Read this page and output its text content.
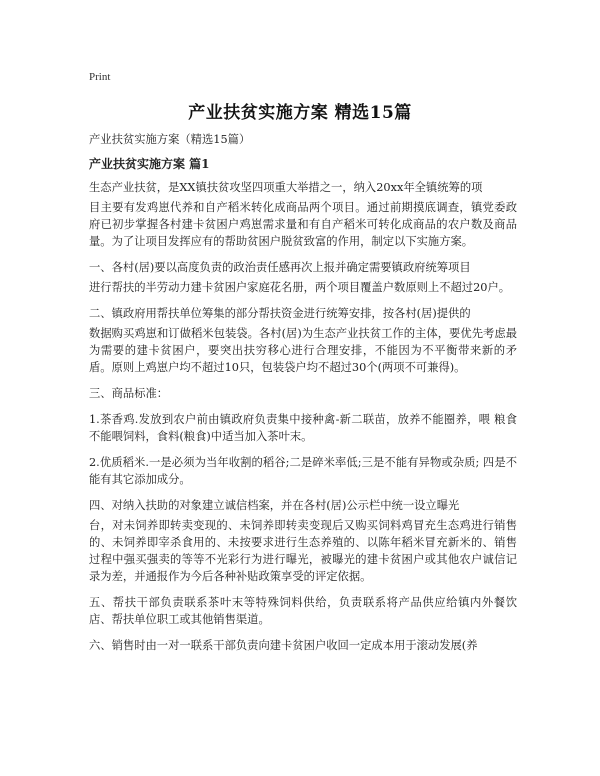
Print
产业扶贫实施方案 精选15篇

产业扶贫实施方案（精选15篇）

产业扶贫实施方案 篇1

生态产业扶贫，是XX镇扶贫攻坚四项重大举措之一，纳入20xx年全镇统筹的项

目主要有发鸡崽代养和自产稻米转化成商品两个项目。通过前期摸底调查，镇党委政府已初步掌握各村建卡贫困户鸡崽需求量和有自产稻米可转化成商品的农户数及商品量。为了让项目发挥应有的帮助贫困户脱贫致富的作用，制定以下实施方案。

一、各村(居)要以高度负责的政治责任感再次上报并确定需要镇政府统筹项目

进行帮扶的半劳动力建卡贫困户家庭花名册，两个项目覆盖户数原则上不超过20户。

二、镇政府用帮扶单位筹集的部分帮扶资金进行统筹安排，按各村(居)提供的

数据购买鸡崽和订做稻米包装袋。各村(居)为生态产业扶贫工作的主体，要优先考虑最为需要的建卡贫困户，要突出扶穷移心进行合理安排，不能因为不平衡带来新的矛盾。原则上鸡崽户均不超过10只，包装袋户均不超过30个(两项不可兼得)。

三、商品标准：

1.茶香鸡.发放到农户前由镇政府负责集中接种禽-新二联苗，放养不能圈养，喂 粮食不能喂饲料，食料(粮食)中适当加入茶叶末。

2.优质稻米.一是必须为当年收割的稻谷;二是碎米率低;三是不能有异物或杂质; 四是不能有其它添加成分。

四、对纳入扶助的对象建立诚信档案，并在各村(居)公示栏中统一设立曝光

台，对未饲养即转卖变现的、未饲养即转卖变现后又购买饲料鸡冒充生态鸡进行销售的、未饲养即宰杀食用的、未按要求进行生态养殖的、以陈年稻米冒充新米的、销售过程中强买强卖的等等不光彩行为进行曝光，被曝光的建卡贫困户或其他农户诚信记录为差，并通报作为今后各种补贴政策享受的评定依据。

五、帮扶干部负责联系茶叶末等特殊饲料供给，负责联系将产品供应给镇内外餐饮店、帮扶单位职工或其他销售渠道。

六、销售时由一对一联系干部负责向建卡贫困户收回一定成本用于滚动发展(养
